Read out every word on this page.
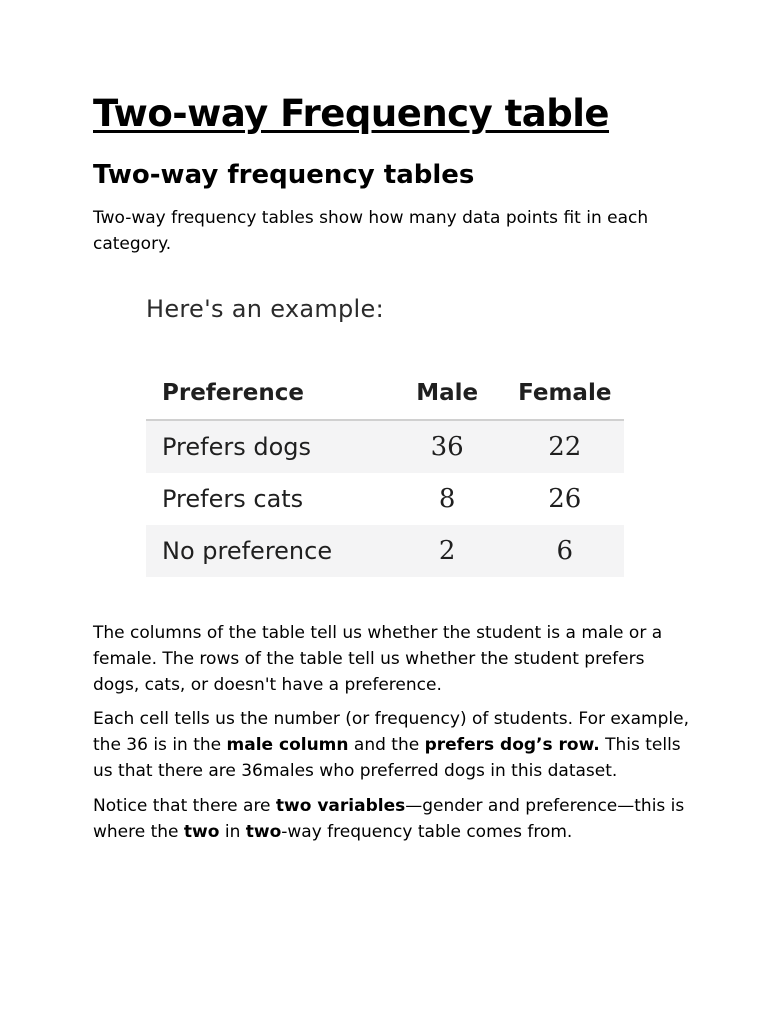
Two-way Frequency table
Two-way frequency tables

Two-way frequency tables show how many data points fit in each category.

Here's an example:
Preference	Male	Female
Prefers dogs	36	22
Prefers cats	8	26
No preference	2	6

The columns of the table tell us whether the student is a male or a female. The rows of the table tell us whether the student prefers dogs, cats, or doesn't have a preference.

Each cell tells us the number (or frequency) of students. For example, the 36 is in the male column and the prefers dog’s row. This tells us that there are 36males who preferred dogs in this dataset.

Notice that there are two variables—gender and preference—this is where the two in two-way frequency table comes from.
